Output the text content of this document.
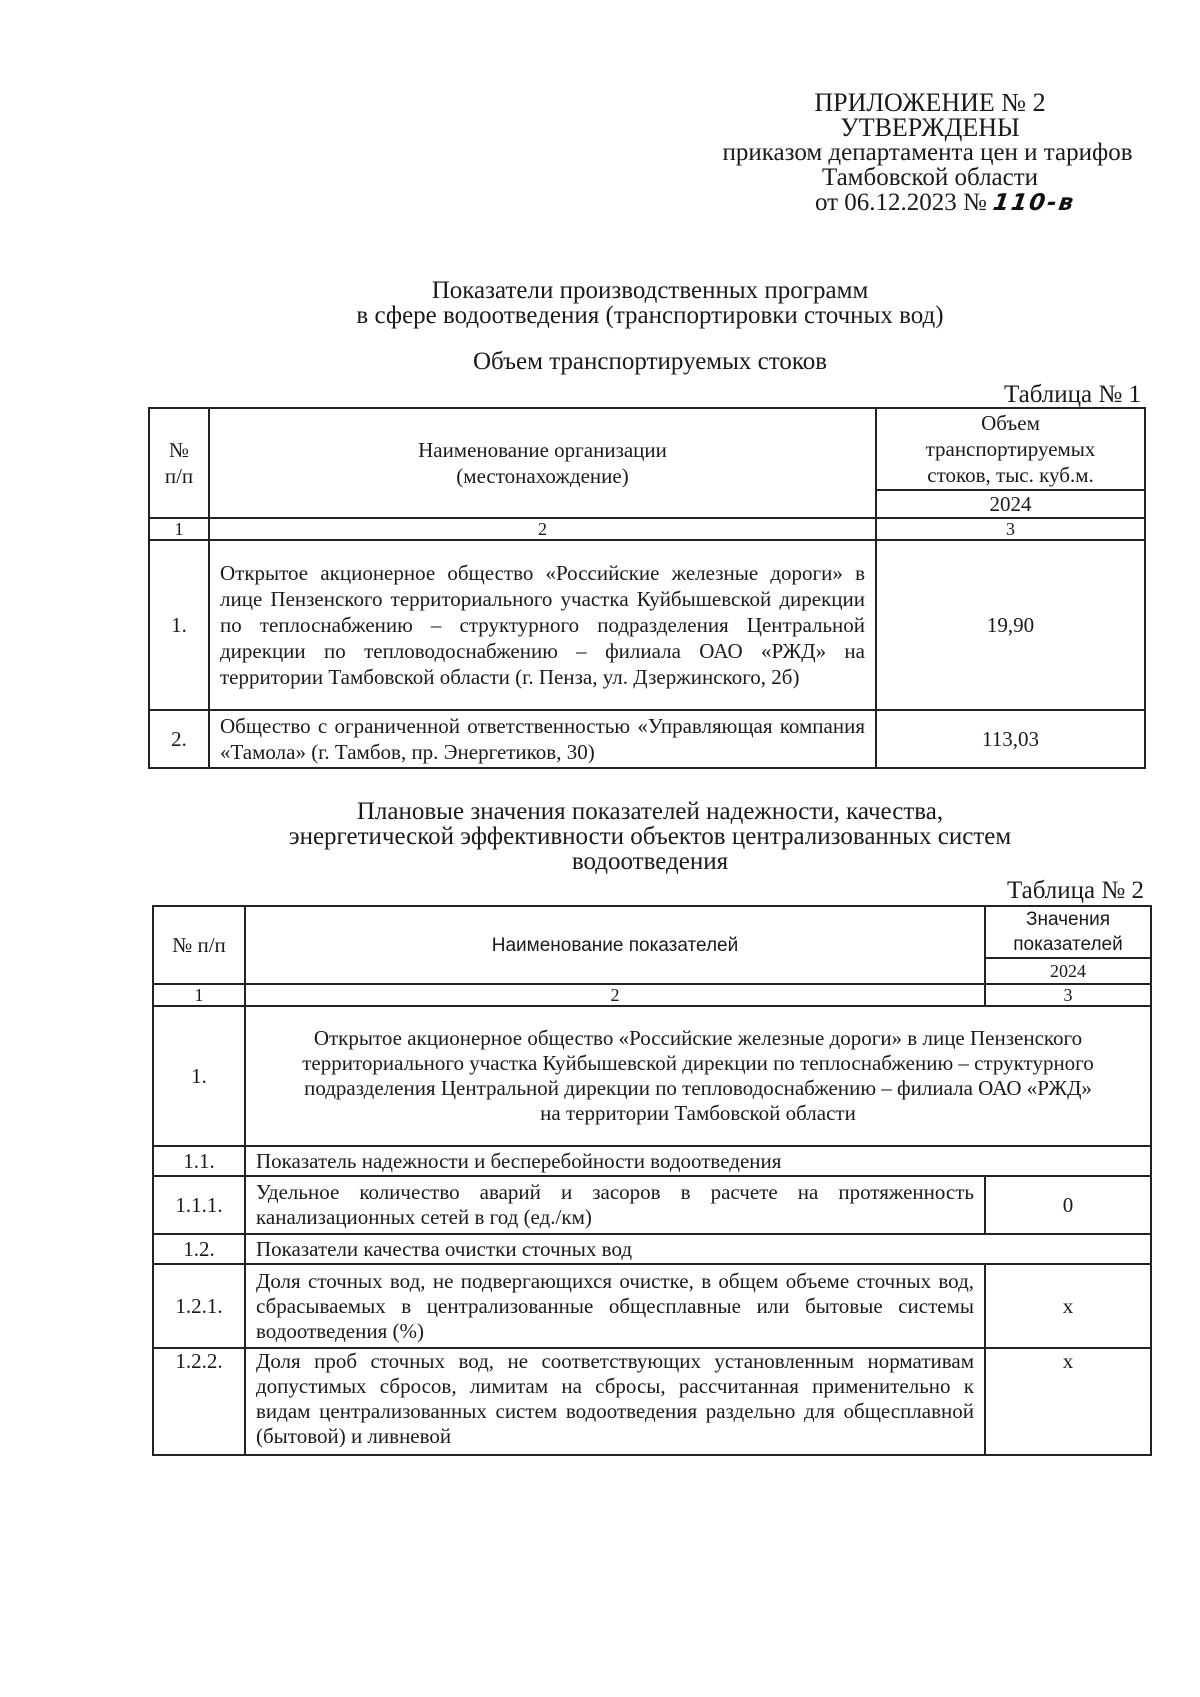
ПРИЛОЖЕНИЕ № 2
УТВЕРЖДЕНЫ
приказом департамента цен и тарифов
Тамбовской области
от 06.12.2023 № 110-в
Показатели производственных программ
в сфере водоотведения (транспортировки сточных вод)
Объем транспортируемых стоков
Таблица № 1
№ п/п	Наименование организации (местонахождение)	Объем транспортируемых стоков, тыс. куб.м.
		2024
1	2	3
1.	Открытое акционерное общество «Российские железные дороги» в лице Пензенского территориального участка Куйбышевской дирекции по теплоснабжению – структурного подразделения Центральной дирекции по тепловодоснабжению – филиала ОАО «РЖД» на территории Тамбовской области (г. Пенза, ул. Дзержинского, 2б)	19,90
2.	Общество с ограниченной ответственностью «Управляющая компания «Тамола» (г. Тамбов, пр. Энергетиков, 30)	113,03
Плановые значения показателей надежности, качества,
энергетической эффективности объектов централизованных систем
водоотведения
Таблица № 2
№ п/п	Наименование показателей	Значения показателей
		2024
1	2	3
1.	Открытое акционерное общество «Российские железные дороги» в лице Пензенского территориального участка Куйбышевской дирекции по теплоснабжению – структурного подразделения Центральной дирекции по тепловодоснабжению – филиала ОАО «РЖД»
на территории Тамбовской области	

1.1.	Показатель надежности и бесперебойности водоотведения	
1.1.1.	Удельное количество аварий и засоров в расчете на протяженность канализационных сетей в год (ед./км)	0
1.2.	Показатели качества очистки сточных вод	
1.2.1.	Доля сточных вод, не подвергающихся очистке, в общем объеме сточных вод, сбрасываемых в централизованные общесплавные или бытовые системы водоотведения (%)	х
1.2.2.	Доля проб сточных вод, не соответствующих установленным нормативам допустимых сбросов, лимитам на сбросы, рассчитанная применительно к видам централизованных систем водоотведения раздельно для общесплавной (бытовой) и ливневой	х
